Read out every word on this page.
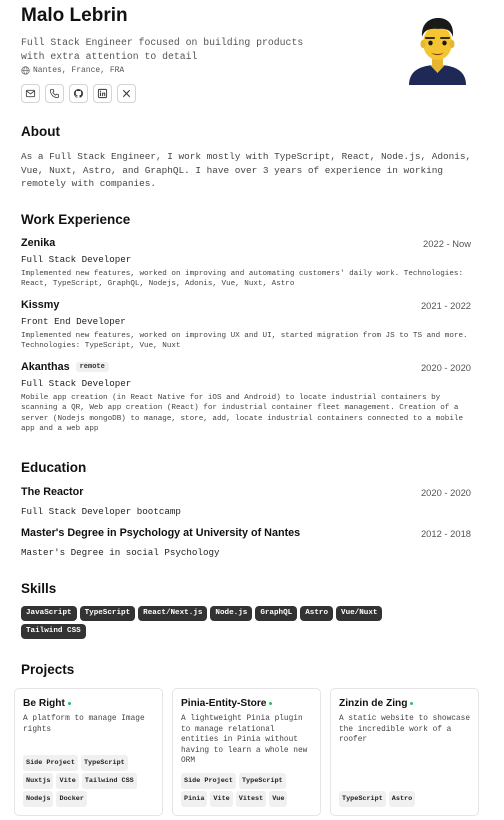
Malo Lebrin
Full Stack Engineer focused on building products with extra attention to detail
Nantes, France, FRA
About
As a Full Stack Engineer, I work mostly with TypeScript, React, Node.js, Adonis, Vue, Nuxt, Astro, and GraphQL. I have over 3 years of experience in working remotely with companies.
Work Experience
Zenika	2022 - Now
Full Stack Developer
Implemented new features, worked on improving and automating customers' daily work. Technologies: React, TypeScript, GraphQL, Nodejs, Adonis, Vue, Nuxt, Astro
Kissmy	2021 - 2022
Front End Developer
Implemented new features, worked on improving UX and UI, started migration from JS to TS and more. Technologies: TypeScript, Vue, Nuxt
Akanthas	remote	2020 - 2020
Full Stack Developer
Mobile app creation (in React Native for iOS and Android) to locate industrial containers by scanning a QR, Web app creation (React) for industrial container fleet management. Creation of a server (Nodejs mongoDB) to manage, store, add, locate industrial containers connected to a mobile app and a web app
Education
The Reactor	2020 - 2020
Full Stack Developer bootcamp
Master's Degree in Psychology at University of Nantes	2012 - 2018
Master's Degree in social Psychology
Skills
JavaScript	TypeScript	React/Next.js	Node.js	GraphQL	Astro	Vue/Nuxt
Tailwind CSS
Projects
Be Right
A platform to manage Image rights
Side Project	TypeScript
Nuxtjs	Vite	Tailwind CSS
Nodejs	Docker
Pinia-Entity-Store
A lightweight Pinia plugin to manage relational entities in Pinia without having to learn a whole new ORM
Side Project	TypeScript
Pinia	Vite	Vitest	Vue
Zinzin de Zing
A static website to showcase the incredible work of a roofer
TypeScript	Astro
